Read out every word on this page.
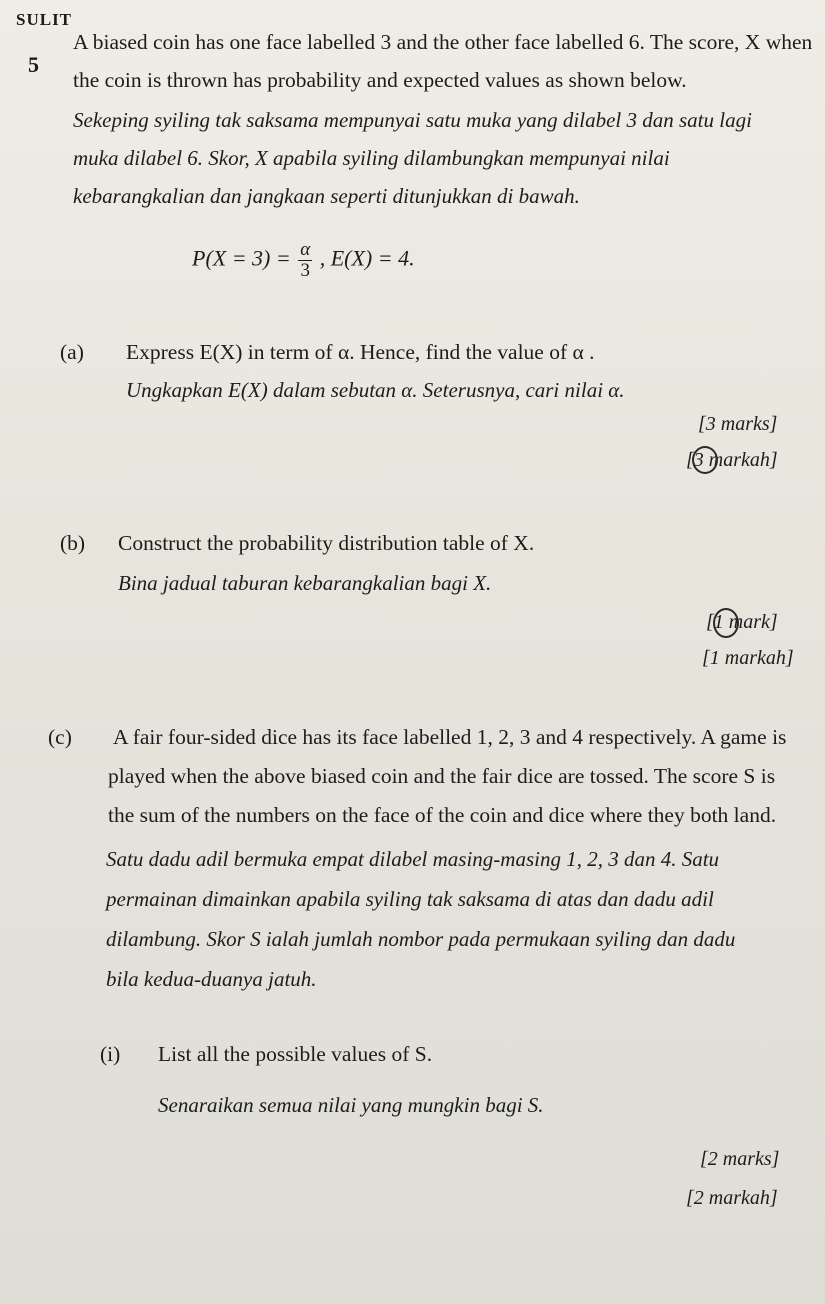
SULIT
5
A biased coin has one face labelled 3 and the other face labelled 6. The score, X when
the coin is thrown has probability and expected values as shown below.
Sekeping syiling tak saksama mempunyai satu muka yang dilabel 3 dan satu lagi
muka dilabel 6. Skor, X apabila syiling dilambungkan mempunyai nilai
kebarangkalian dan jangkaan seperti ditunjukkan di bawah.
$P(X = 3) = \frac{\alpha}{3}$ , E(X) = 4.
(a) Express E(X) in term of α. Hence, find the value of α .
Ungkapkan E(X) dalam sebutan α. Seterusnya, cari nilai α.
[3 marks]
[3 markah]
(b) Construct the probability distribution table of X.
Bina jadual taburan kebarangkalian bagi X.
[1 mark]
[1 markah]
(c) A fair four-sided dice has its face labelled 1, 2, 3 and 4 respectively. A game is
played when the above biased coin and the fair dice are tossed. The score S is
the sum of the numbers on the face of the coin and dice where they both land.
Satu dadu adil bermuka empat dilabel masing-masing 1, 2, 3 dan 4. Satu
permainan dimainkan apabila syiling tak saksama di atas dan dadu adil
dilambung. Skor S ialah jumlah nombor pada permukaan syiling dan dadu
bila kedua-duanya jatuh.
(i) List all the possible values of S.
Senaraikan semua nilai yang mungkin bagi S.
[2 marks]
[2 markah]
